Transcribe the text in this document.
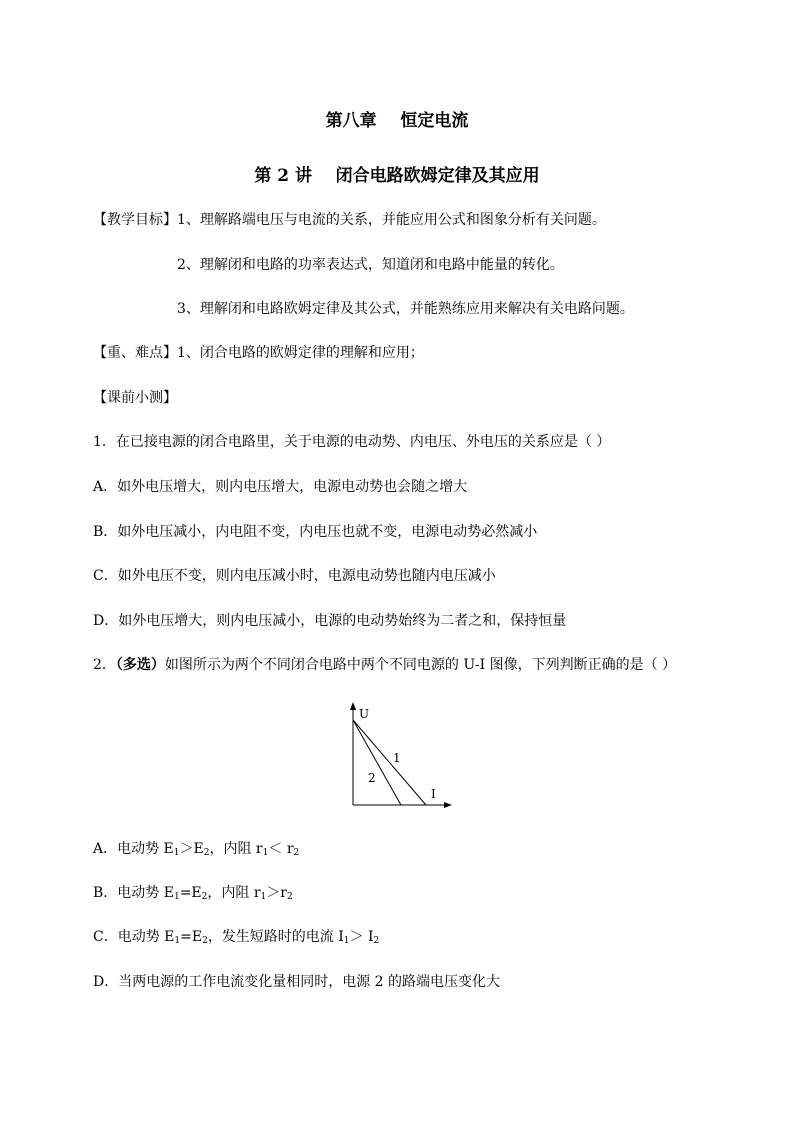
第八章    恒定电流
第 2 讲    闭合电路欧姆定律及其应用
【教学目标】1、理解路端电压与电流的关系，并能应用公式和图象分析有关问题。
2、理解闭和电路的功率表达式，知道闭和电路中能量的转化。
3、理解闭和电路欧姆定律及其公式，并能熟练应用来解决有关电路问题。
【重、难点】1、闭合电路的欧姆定律的理解和应用；
【课前小测】
1．在已接电源的闭合电路里，关于电源的电动势、内电压、外电压的关系应是（ ）
A．如外电压增大，则内电压增大，电源电动势也会随之增大
B．如外电压减小，内电阻不变，内电压也就不变，电源电动势必然减小
C．如外电压不变，则内电压减小时，电源电动势也随内电压减小
D．如外电压增大，则内电压减小，电源的电动势始终为二者之和，保持恒量
2．（多选）如图所示为两个不同闭合电路中两个不同电源的 U-I 图像，下列判断正确的是（ ）
U
I
1
2
A．电动势 $E_1>E_2$，内阻 $r_1< r_2$
B．电动势 $E_1=E_2$，内阻 $r_1>r_2$
C．电动势 $E_1=E_2$，发生短路时的电流 $I_1> I_2$
D．当两电源的工作电流变化量相同时，电源 2 的路端电压变化大
